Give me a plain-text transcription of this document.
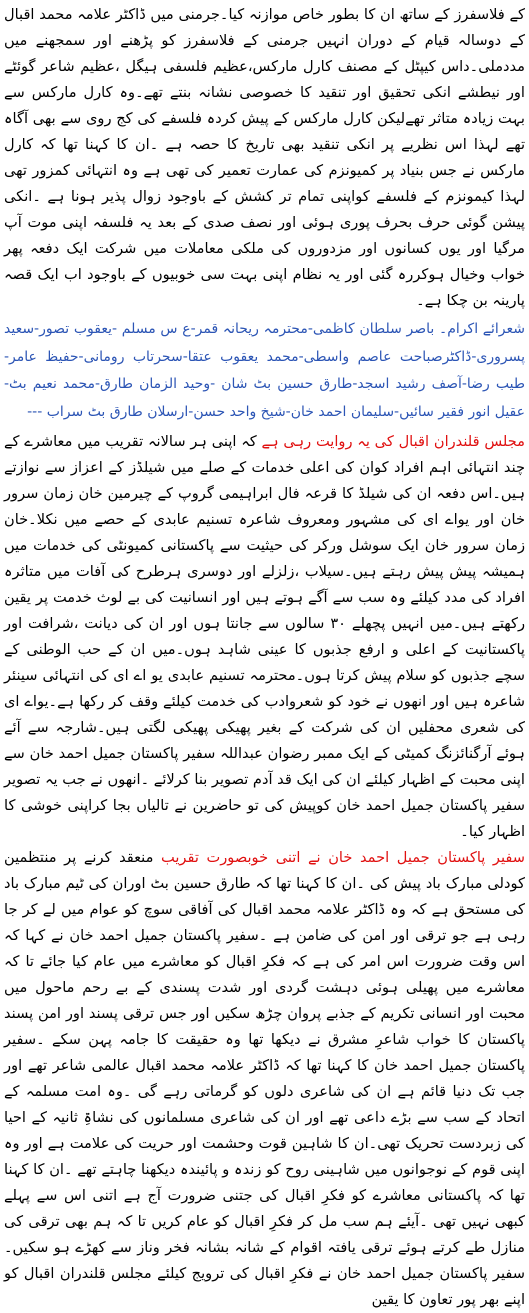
کے فلاسفرز کے ساتھ ان کا بطور خاص موازنہ کیا۔جرمنی میں ڈاکٹر علامہ محمد اقبال کے دوسالہ قیام کے دوران انہیں جرمنی کے فلاسفرز کو پڑھنے اور سمجھنے میں مددملی۔داس کیپٹل کے مصنف کارل مارکس،عظیم فلسفی ہیگل ،عظیم شاعر گوئٹے اور نیطشے انکی تحقیق اور تنقید کا خصوصی نشانہ بنتے تھے۔وہ کارل مارکس سے بہت زیادہ متاثر تھےلیکن کارل مارکس کے پیش کردہ فلسفے کی کج روی سے بھی آگاہ تھے لہذا اس نظریے پر انکی تنقید بھی تاریخ کا حصہ ہے ۔ان کا کہنا تھا کہ کارل مارکس نے جس بنیاد پر کمیونزم کی عمارت تعمیر کی تھی ہے وہ انتہائی کمزور تھی لہذا کیمونزم کے فلسفے کواپنی تمام تر کشش کے باوجود زوال پذیر ہونا ہے ۔انکی پیشن گوئی حرف بحرف پوری ہوئی اور نصف صدی کے بعد یہ فلسفہ اپنی موت آپ مرگیا اور یوں کسانوں اور مزدوروں کی ملکی معاملات میں شرکت ایک دفعہ پھر خواب وخیال ہوکررہ گئی اور یہ نظام اپنی بہت سی خوبیوں کے باوجود اب ایک قصہ پارینہ بن چکا ہے۔

شعرائے اکرام۔ باصر سلطان کاظمی-محترمہ ریحانہ قمر-ع س مسلم -یعقوب تصور-سعید پسروری-ڈاکٹرصباحت عاصم واسطی-محمد یعقوب عتقا-سحرتاب رومانی-حفیظ عامر-طیب رضا-آصف رشید اسجد-طارق حسین بٹ شان -وحید الزمان طارق-محمد نعیم بٹ-عقیل انور فقیر سائیں-سلیمان احمد خان-شیخ واحد حسن-ارسلان طارق بٹ سراب ---

مجلس قلندران اقبال کی یہ روایت رہی ہے کہ اپنی ہر سالانہ تقریب میں معاشرے کے چند انتہائی اہم افراد کوان کی اعلی خدمات کے صلے میں شیلڈز کے اعزاز سے نوازتے ہیں۔اس دفعہ ان کی شیلڈ کا قرعہ فال ابراہیمی گروپ کے چیرمین خان زمان سرور خان اور یواے ای کی مشہور ومعروف شاعرہ تسنیم عابدی کے حصے میں نکلا۔خان زمان سرور خان ایک سوشل ورکر کی حیثیت سے پاکستانی کمیونٹی کی خدمات میں ہمیشہ پیش پیش رہتے ہیں۔سیلاب ،زلزلے اور دوسری ہرطرح کی آفات میں متاثرہ افراد کی مدد کیلئے وہ سب سے آگے ہوتے ہیں اور انسانیت کی بے لوث خدمت پر یقین رکھتے ہیں۔میں انہیں پچھلے ٣٠ سالوں سے جانتا ہوں اور ان کی دیانت ،شرافت اور پاکستانیت کے اعلی و ارفع جذبوں کا عینی شاہد ہوں۔میں ان کے حب الوطنی کے سچے جذبوں کو سلام پیش کرتا ہوں۔محترمہ تسنیم عابدی یو اے ای کی انتہائی سینئر شاعرہ ہیں اور انھوں نے خود کو شعروادب کی خدمت کیلئے وقف کر رکھا ہے۔یواے ای کی شعری محفلیں ان کی شرکت کے بغیر پھیکی پھیکی لگتی ہیں۔شارجہ سے آئے ہوئے آرگنائزنگ کمیٹی کے ایک ممبر رضوان عبداللہ سفیر پاکستان جمیل احمد خان سے اپنی محبت کے اظہار کیلئے ان کی ایک قد آدم تصویر بنا کرلائے ۔انھوں نے جب یہ تصویر سفیر پاکستان جمیل احمد خان کوپیش کی تو حاضرین نے تالیاں بجا کراپنی خوشی کا اظہار کیا۔

سفیر پاکستان جمیل احمد خان نے اتنی خوبصورت تقریب منعقد کرنے پر منتظمین کودلی مبارک باد پیش کی ۔ان کا کہنا تھا کہ طارق حسین بٹ اوران کی ٹیم مبارک باد کی مستحق ہے کہ وہ ڈاکٹر علامہ محمد اقبال کی آفاقی سوچ کو عوام میں لے کر جا رہی ہے جو ترقی اور امن کی ضامن ہے ۔سفیر پاکستان جمیل احمد خان نے کہا کہ اس وقت ضرورت اس امر کی ہے کہ فکرِ اقبال کو معاشرے میں عام کیا جائے تا کہ معاشرے میں پھیلی ہوئی دہشت گردی اور شدت پسندی کے بے رحم ماحول میں محبت اور انسانی تکریم کے جذبے پروان چڑھ سکیں اور جس ترقی پسند اور امن پسند پاکستان کا خواب شاعرِ مشرق نے دیکھا تھا وہ حقیقت کا جامہ پہن سکے ۔سفیر پاکستان جمیل احمد خان کا کہنا تھا کہ ڈاکٹر علامہ محمد اقبال عالمی شاعر تھے اور جب تک دنیا قائم ہے ان کی شاعری دلوں کو گرماتی رہے گی ۔وہ امت مسلمہ کے اتحاد کے سب سے بڑے داعی تھے اور ان کی شاعری مسلمانوں کی نشاۃِ ثانیہ کے احیا کی زبردست تحریک تھی۔ان کا شاہین قوت وحشمت اور حریت کی علامت ہے اور وہ اپنی قوم کے نوجوانوں میں شاہینی روح کو زندہ و پائیندہ دیکھنا چاہتے تھے ۔ان کا کہنا تھا کہ پاکستانی معاشرے کو فکرِ اقبال کی جتنی ضرورت آج ہے اتنی اس سے پہلے کبھی نہیں تھی ۔آیئے ہم سب مل کر فکرِ اقبال کو عام کریں تا کہ ہم بھی ترقی کی منازل طے کرتے ہوئے ترقی یافتہ اقوام کے شانہ بشانہ فخر وناز سے کھڑے ہو سکیں۔سفیر پاکستان جمیل احمد خان نے فکرِ اقبال کی ترویج کیلئے مجلس قلندران اقبال کو اپنے بھر پور تعاون کا یقین
